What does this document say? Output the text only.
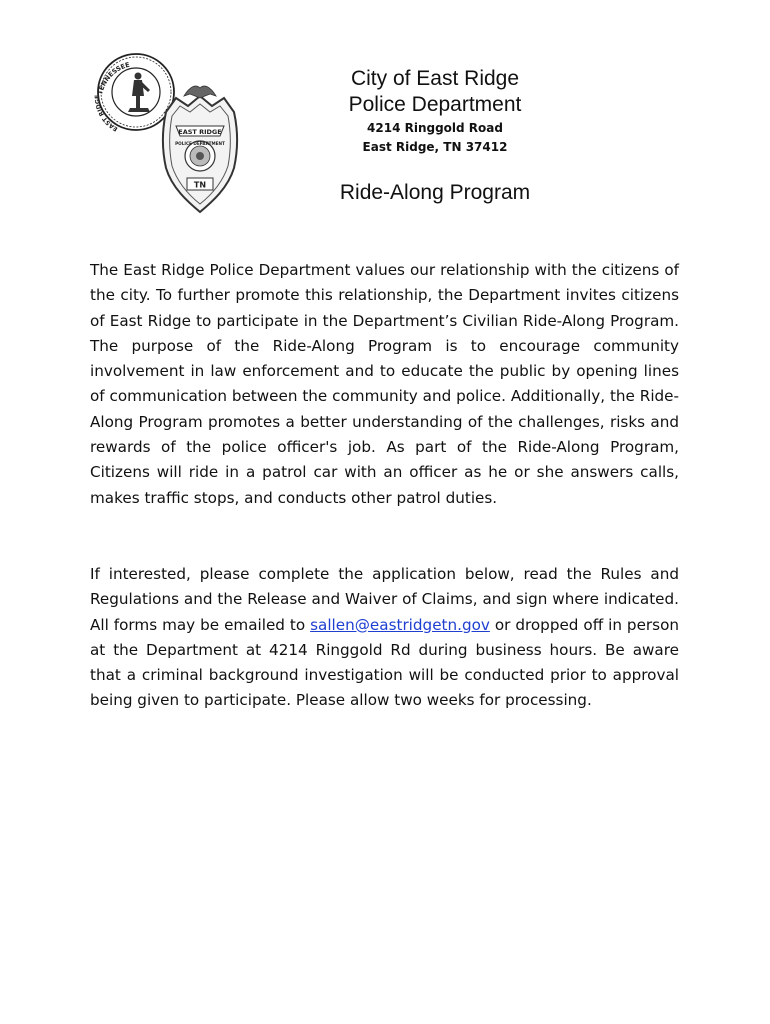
TENNESSEE
EAST RIDGE
EAST RIDGE
POLICE DEPARTMENT
TN
City of East Ridge
Police Department
4214 Ringgold Road
East Ridge, TN 37412
Ride-Along Program

The East Ridge Police Department values our relationship with the citizens of the city. To further promote this relationship, the Department invites citizens of East Ridge to participate in the Department’s Civilian Ride-Along Program. The purpose of the Ride-Along Program is to encourage community involvement in law enforcement and to educate the public by opening lines of communication between the community and police. Additionally, the Ride-Along Program promotes a better understanding of the challenges, risks and rewards of the police officer's job. As part of the Ride-Along Program, Citizens will ride in a patrol car with an officer as he or she answers calls, makes traffic stops, and conducts other patrol duties.

If interested, please complete the application below, read the Rules and Regulations and the Release and Waiver of Claims, and sign where indicated. All forms may be emailed to sallen@eastridgetn.gov or dropped off in person at the Department at 4214 Ringgold Rd during business hours. Be aware that a criminal background investigation will be conducted prior to approval being given to participate. Please allow two weeks for processing.
